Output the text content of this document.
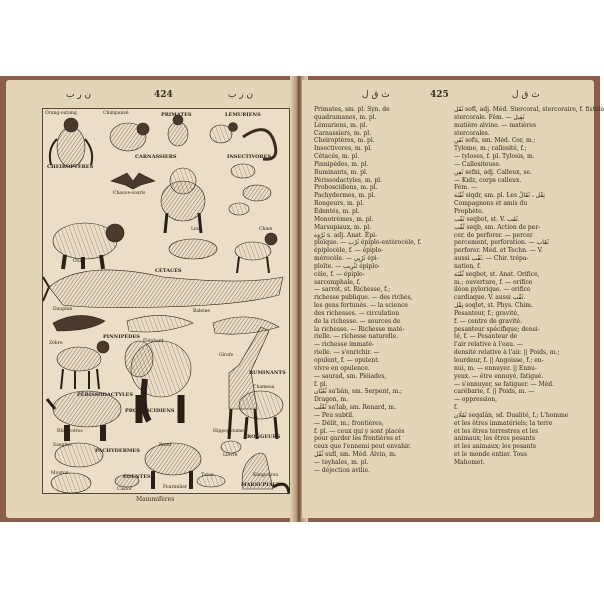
ن ر ب	424	ن ر ب
Orang-outang	Chimpanzé	PRIMATES	LÉMURIENS
CARNASSIERS
Chauve-souris
INSECTIVORES
Lion	Chien
Ours
CHEIROPTÈRES
CÉTACÉS
Baleine
Dauphin
PINNIPÈDES
Zèbre	Éléphant
Girafe
RUMINANTS
Chameau
PÉRISSODACTYLES
Rhinocéros	Hippopotame
PROBOSCIDIENS
Sanglier	Bœuf
RONGEURS
Lièvre
PACHYDERMES
ÉDENTÉS	Kangourou
MARSUPIAUX
Tatou
Fourmilier
Mouton
Castor
Mammifères
ث ق ل	425	ث ق ل
Primates, sm. pl. Syn. de
quadrumanes, m. pl.
Lémuriens, m. pl.
Carnassiers, m. pl.
Cheiroptères, m. pl.
Insectivores, m. pl.
Cétacés, m. pl.
Pinnipèdes, m. pl.
Ruminants, m. pl.
Périssodactyles, m. pl.
Proboscidiens, m. pl.
Pachydermes, m. pl.
Rongeurs, m. pl.
Édentés, m. pl.
Monotrèmes, m. pl.
Marsupiaux, m. pl.
ثَرْوَة s. adj. Anat. Épi-
ploïque. — ثَرْب épiplo-entérocèle, f.
épiplocèle, f. — épiplo-
mérocèle. — ثَرْبِي épi-
ploïte. — تَثْرِيب épiplo-
cèle, f. — épiplo-
sarcomphale, f.
— sarrot, st. Richesse, f.;
richesse publique. — des riches,
les gens fortunés. — la science
des richesses. — circulation
de la richesse. — sources de
la richesse. — Richesse maté-
rielle. — richesse naturelle.
— richesse immaté-
rielle. — s'enrichir. —
opulent, f. — opulent.
vivre en opulence.
— saurad, sm. Pléiades,
f. pl.
ثُعْبَان sa'bân, sm. Serpent, m.;
Dragon, m.
ثَعْلَب sa'lab, sm. Renard, m.
— Peu subtil.
— Délit, m.; frontières,
f. pl. — ceux qui y sont placés
pour garder les frontières et
ceux que l'ennemi peut envahir.
ثُفْل sufl, sm. Méd. Alvin, m.
— teyhales, m. pl.
— déjection avilie.
ثَقَل sofl, adj. Méd. Stercoral, stercoraire, f. fistule
stercorale. Fém. — ثَقِيل
matière alvine. — matières
stercorales.
ثَفَن sofu, sm. Méd. Cor, m.;
Tylome, m.; callosité, f.;
— tyloses, f. pl. Tylosis, m.
— Callositeuse.
ثَفِن sefni, adj. Calleux, se.
— Kıdz, corps calleux.
Fém. —
ثُقْبَة siqdr, sm. pl. Les ثِقْل ، ثَقَالُ
Compagnons et amis du
Prophète.
ثَقْب seqbot, st. V. ثَقَب.
ثُقْب seqb, sm. Action de per-
cer, de perforer. — percer
percement, perforation. — ثَقَاب
perforer. Méd. et Techn. — V.
aussi ثَقْب. — Chir. trépa-
nation, f.
ثُقْبَة seqbot, st. Anat. Orifice,
m.; ouverture, f. — orifice
iléon pylorique. — orifice
cardiaque. V. aussi ثَقْب.
ثِقْل soqlet, st. Phys. Chim.
Pesanteur, f.; gravité,
f. — centre de gravité.
pesanteur spécifique; densi-
té, f. — Pesanteur de
l'air relative à l'eau. —
densité relative à l'air. || Poids, m.;
lourdeur, f. || Angoisse, f.; en-
nui, m. — ennuyer. || Ennu-
yeux. — être ennuyé, fatigué.
— s'ennuyer, se fatiguer. — Méd.
carébarie, f. || Poids, m. —
— oppression,
f.
ثَقَلَان seqalân, sd. Dualité, f.; L'homme
et les êtres immatériels; la terre
et les êtres terrestres et les
animaux; les êtres pesants
et les animaux; les pesants
et le monde entier. Tous
Mahomet.
